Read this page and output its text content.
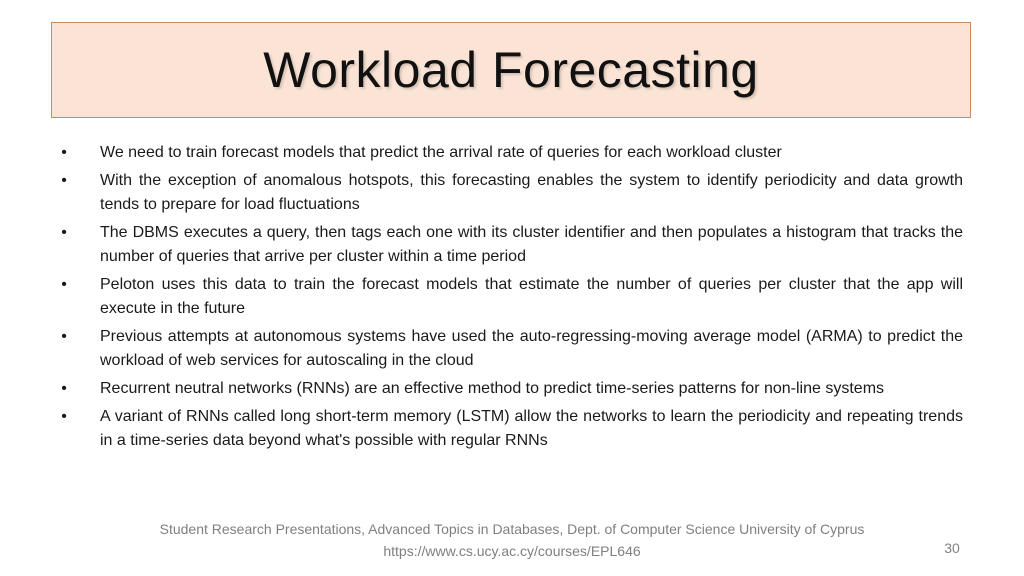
Workload Forecasting
• We need to train forecast models that predict the arrival rate of queries for each workload cluster
• With the exception of anomalous hotspots, this forecasting enables the system to identify periodicity and data growth tends to prepare for load fluctuations
• The DBMS executes a query, then tags each one with its cluster identifier and then populates a histogram that tracks the number of queries that arrive per cluster within a time period
• Peloton uses this data to train the forecast models that estimate the number of queries per cluster that the app will execute in the future
• Previous attempts at autonomous systems have used the auto-regressing-moving average model (ARMA) to predict the workload of web services for autoscaling in the cloud
• Recurrent neutral networks (RNNs) are an effective method to predict time-series patterns for non-line systems
• A variant of RNNs called long short-term memory (LSTM) allow the networks to learn the periodicity and repeating trends in a time-series data beyond what's possible with regular RNNs
Student Research Presentations, Advanced Topics in Databases, Dept. of Computer Science University of Cyprus
https://www.cs.ucy.ac.cy/courses/EPL646	30
